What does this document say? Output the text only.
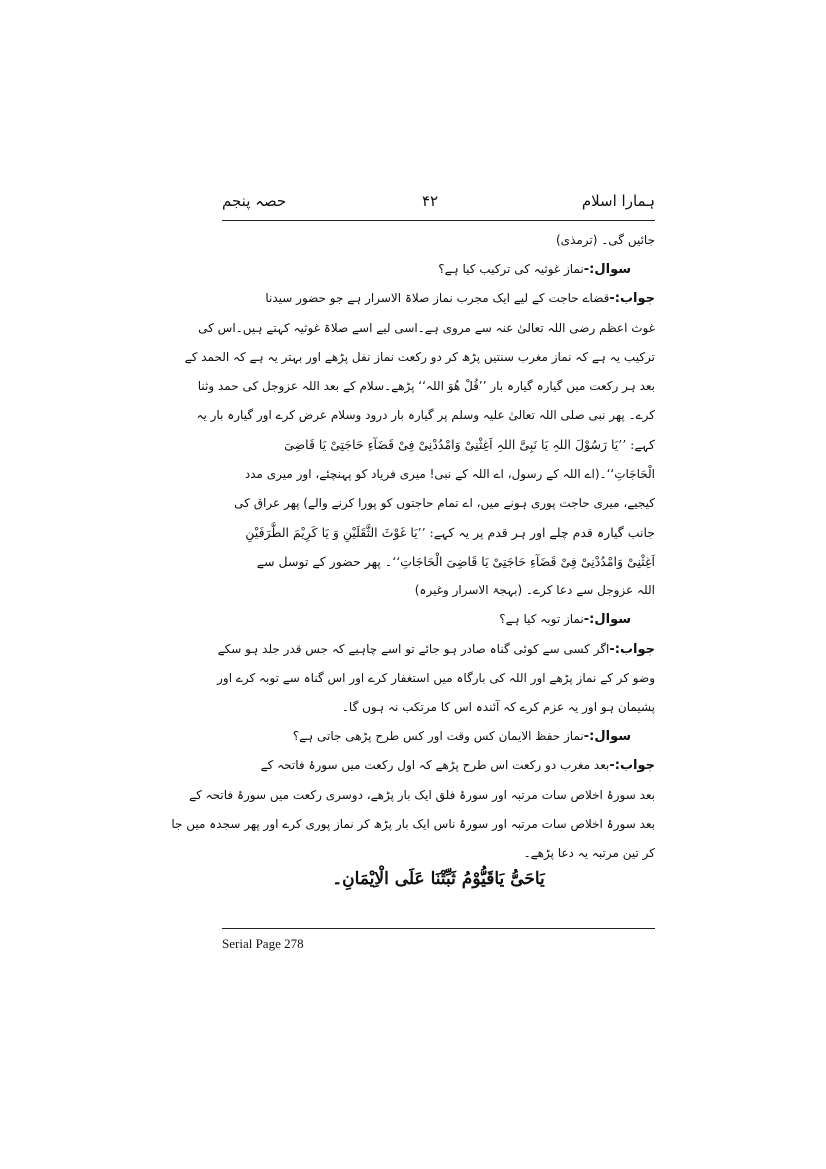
ہمارا اسلام
۴۲
حصہ پنجم
جائیں گی۔ (ترمذی)
سوال:-نماز غوثیہ کی ترکیب کیا ہے؟
جواب:-قضاے حاجت کے لیے ایک مجرب نماز صلاۃ الاسرار ہے جو حضور سیدنا
غوث اعظم رضی اللہ تعالیٰ عنہ سے مروی ہے۔اسی لیے اسے صلاۃ غوثیہ کہتے ہیں۔اس کی
ترکیب یہ ہے کہ نماز مغرب سنتیں پڑھ کر دو رکعت نماز نفل پڑھے اور بہتر یہ ہے کہ الحمد کے
بعد ہر رکعت میں گیارہ گیارہ بار ’’قُلْ ھُوَ اللہ‘‘ پڑھے۔سلام کے بعد اللہ عزوجل کی حمد وثنا
کرے۔ پھر نبی صلی اللہ تعالیٰ علیہ وسلم پر گیارہ بار درود وسلام عرض کرے اور گیارہ بار یہ
کہے: ’’یَا رَسُوْلَ اللہِ یَا نَبِیَّ اللہِ اَغِثْنِیْ وَامْدُدْنِیْ فِیْ قَضَآءِ حَاجَتِیْ یَا قَاضِیَ
الْحَاجَاتِ‘‘۔(اے اللہ کے رسول، اے اللہ کے نبی! میری فریاد کو پہنچئے، اور میری مدد
کیجیے، میری حاجت پوری ہونے میں، اے تمام حاجتوں کو پورا کرنے والے) پھر عراق کی
جانب گیارہ قدم چلے اور ہر قدم پر یہ کہے: ’’یَا غَوْثَ الثَّقَلَیْنِ وَ یَا کَرِیْمَ الطَّرَفَیْنِ
اَغِثْنِیْ وَامْدُدْنِیْ فِیْ قَضَآءِ حَاجَتِیْ یَا قَاضِیَ الْحَاجَاتِ‘‘۔ پھر حضور کے توسل سے
اللہ عزوجل سے دعا کرے۔ (بہجۃ الاسرار وغیرہ)
سوال:-نماز توبہ کیا ہے؟
جواب:-اگر کسی سے کوئی گناہ صادر ہو جائے تو اسے چاہیے کہ جس قدر جلد ہو سکے
وضو کر کے نماز پڑھے اور اللہ کی بارگاہ میں استغفار کرے اور اس گناہ سے توبہ کرے اور
پشیمان ہو اور یہ عزم کرے کہ آئندہ اس کا مرتکب نہ ہوں گا۔
سوال:-نماز حفظ الایمان کس وقت اور کس طرح پڑھی جاتی ہے؟
جواب:-بعد مغرب دو رکعت اس طرح پڑھے کہ اول رکعت میں سورۂ فاتحہ کے
بعد سورۂ اخلاص سات مرتبہ اور سورۂ فلق ایک بار پڑھے، دوسری رکعت میں سورۂ فاتحہ کے
بعد سورۂ اخلاص سات مرتبہ اور سورۂ ناس ایک بار پڑھ کر نماز پوری کرے اور پھر سجدہ میں جا
کر تین مرتبہ یہ دعا پڑھے۔
یَاحَیُّ یَاقَیُّوْمُ ثَبِّتْنَا عَلَی الْاِیْمَانِ۔
Serial Page 278
